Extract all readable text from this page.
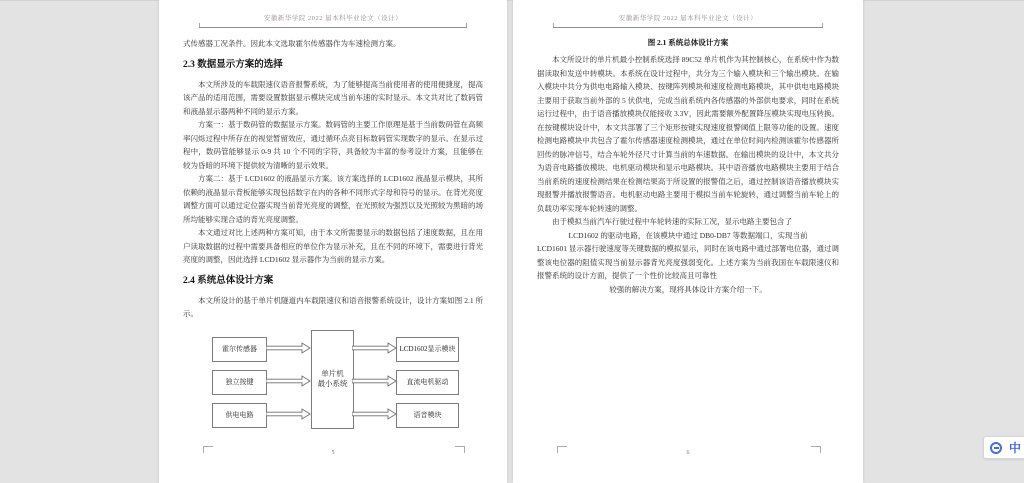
安徽新华学院 2022 届本科毕业论文（设计）

式传感器工况条件。因此本文选取霍尔传感器作为车速检测方案。

2.3 数据显示方案的选择

本文所涉及的车载限速仪语音报警系统，为了能够提高当前使用者的使用便捷度，提高该产品的适用范围，需要设置数据显示模块完成当前车速的实时显示。本文共对比了数码管和液晶显示器两种不同的显示方案。

方案一：基于数码管的数据显示方案。数码管的主要工作原理是基于当前数码管在高频率闪烁过程中所存在的视觉暂留效应，通过循环点亮目标数码管实现数字的显示。在显示过程中，数码管能够显示 0-9 共 10 个不同的字符，具备较为丰富的参考设计方案，且能够在较为昏暗的环境下提供较为清晰的显示效果。

方案二：基于 LCD1602 的液晶显示方案。该方案选择的 LCD1602 液晶显示模块，其所依赖的液晶显示背板能够实现包括数字在内的各种不同形式字母和符号的显示。在背光亮度调整方面可以通过定位器实现当前背光亮度的调整，在光照较为强烈以及光照较为黑暗的场所均能够实现合适的背光亮度调整。

本文通过对比上述两种方案可知，由于本文所需要显示的数据包括了速度数据，且在用户读取数据的过程中需要具备相应的单位作为显示补充，且在不同的环境下，需要进行背光亮度的调整，因此选择 LCD1602 显示器作为当前的显示方案。

2.4 系统总体设计方案

本文所设计的基于单片机隧道内车载限速仪和语音报警系统设计，设计方案如图 2.1 所示。

霍尔传感器
独立按键
供电电路
单片机
最小系统
LCD1602显示模块
直流电机驱动
语音模块
5
安徽新华学院 2022 届本科毕业论文（设计）
图 2.1 系统总体设计方案

本文所设计的单片机最小控制系统选择 89C52 单片机作为其控制核心，在系统中作为数据读取和发送中转模块。本系统在设计过程中，共分为三个输入模块和三个输出模块。在输入模块中共分为供电电路输入模块、按键阵列模块和速度检测电路模块，其中供电电路模块主要用于获取当前外部的 5 伏供电，完成当前系统内各传感器的外部供电要求，同时在系统运行过程中，由于语音播放模块仅能接收 3.3V，因此需要额外配置降压模块实现电压转换。在按键模块设计中，本文共部署了三个矩形按键实现速度报警阈值上限等功能的设置。速度检测电路模块中共包含了霍尔传感器速度检测模块，通过在单位时间内检测该霍尔传感器所回传的脉冲信号，结合车轮外径尺寸计算当前的车速数据。在输出模块的设计中，本文共分为语音电路播放模块、电机驱动模块和显示电路模块。其中语音播放电路模块主要用于结合当前系统的速度检测结果在检测结果高于所设置的报警值之后，通过控制该语音播放模块实现报警并播放报警语音。电机驱动电路主要用于模拟当前车轮旋转，通过调整当前车轮上的负载功率实现车轮转速的调整。

由于模拟当前汽车行驶过程中车轮转速的实际工况，显示电路主要包含了

LCD1602 的驱动电路，在该模块中通过 DB0-DB7 等数据端口，实现当前

LCD1601 显示器行驶速度等关键数据的模拟显示，同时在该电路中通过部署电位器，通过调整该电位器的阻值实现当前显示器背光亮度强弱变化。上述方案为当前我国在车载限速仪和报警系统的设计方面，提供了一个性价比较高且可靠性

较强的解决方案，现将具体设计方案介绍一下。

6	中
